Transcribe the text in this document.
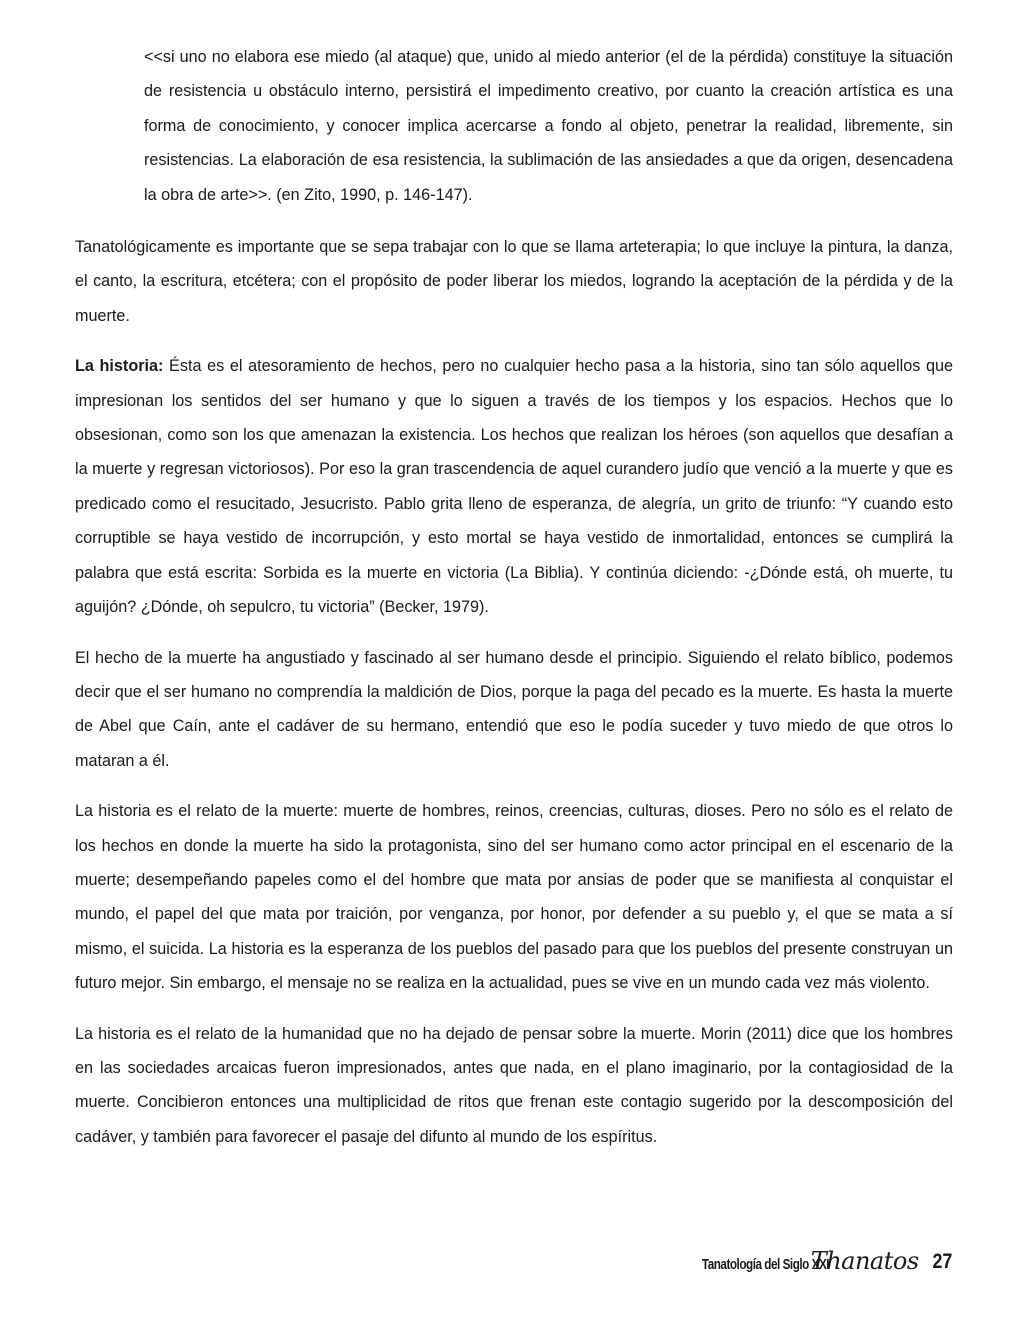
<<si uno no elabora ese miedo (al ataque) que, unido al miedo anterior (el de la pérdida) constituye la situación de resistencia u obstáculo interno, persistirá el impedimento creativo, por cuanto la creación artística es una forma de conocimiento, y conocer implica acercarse a fondo al objeto, penetrar la realidad, libremente, sin resistencias. La elaboración de esa resistencia, la sublimación de las ansiedades a que da origen, desencadena la obra de arte>>. (en Zito, 1990, p. 146-147).

Tanatológicamente es importante que se sepa trabajar con lo que se llama arteterapia; lo que incluye la pintura, la danza, el canto, la escritura, etcétera; con el propósito de poder liberar los miedos, logrando la aceptación de la pérdida y de la muerte.

La historia: Ésta es el atesoramiento de hechos, pero no cualquier hecho pasa a la historia, sino tan sólo aquellos que impresionan los sentidos del ser humano y que lo siguen a través de los tiempos y los espacios. Hechos que lo obsesionan, como son los que amenazan la existencia. Los hechos que realizan los héroes (son aquellos que desafían a la muerte y regresan victoriosos). Por eso la gran trascendencia de aquel curandero judío que venció a la muerte y que es predicado como el resucitado, Jesucristo. Pablo grita lleno de esperanza, de alegría, un grito de triunfo: “Y cuando esto corruptible se haya vestido de incorrupción, y esto mortal se haya vestido de inmortalidad, entonces se cumplirá la palabra que está escrita: Sorbida es la muerte en victoria (La Biblia). Y continúa diciendo: -¿Dónde está, oh muerte, tu aguijón? ¿Dónde, oh sepulcro, tu victoria” (Becker, 1979).

El hecho de la muerte ha angustiado y fascinado al ser humano desde el principio. Siguiendo el relato bíblico, podemos decir que el ser humano no comprendía la maldición de Dios, porque la paga del pecado es la muerte. Es hasta la muerte de Abel que Caín, ante el cadáver de su hermano, entendió que eso le podía suceder y tuvo miedo de que otros lo mataran a él.

La historia es el relato de la muerte: muerte de hombres, reinos, creencias, culturas, dioses. Pero no sólo es el relato de los hechos en donde la muerte ha sido la protagonista, sino del ser humano como actor principal en el escenario de la muerte; desempeñando papeles como el del hombre que mata por ansias de poder que se manifiesta al conquistar el mundo, el papel del que mata por traición, por venganza, por honor, por defender a su pueblo y, el que se mata a sí mismo, el suicida. La historia es la esperanza de los pueblos del pasado para que los pueblos del presente construyan un futuro mejor. Sin embargo, el mensaje no se realiza en la actualidad, pues se vive en un mundo cada vez más violento.

La historia es el relato de la humanidad que no ha dejado de pensar sobre la muerte. Morin (2011) dice que los hombres en las sociedades arcaicas fueron impresionados, antes que nada, en el plano imaginario, por la contagiosidad de la muerte. Concibieron entonces una multiplicidad de ritos que frenan este contagio sugerido por la descomposición del cadáver, y también para favorecer el pasaje del difunto al mundo de los espíritus.

Tanatología del Siglo XXI
Thanatos 27
